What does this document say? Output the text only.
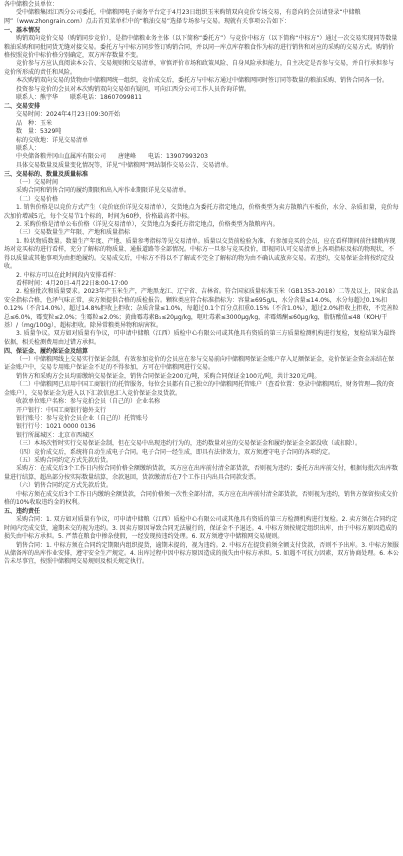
各中储粮会员单位：

受中储粮集团江西分公司委托，中储粮网电子商务平台定于4月23日组织玉米购销双向竞价专场交易，有意向的会员请登录“中储粮网”（www.zhongrain.com）点击首页菜单栏中的“粮油交易”选择专场参与交易。现就有关事项公告如下：

一、基本情况

购销双向竞价交易（购销同步竞价），是指中储粮业务主体（以下简称“委托方”）与竞价中标方（以下简称“中标方”）通过一次交易实现同等数量粮油采购和同批同货无缝对接交易。委托方与中标方同步签订购销合同，并以同一库点库存粮食作为标的进行销售和对应的采购的交易方式。购销价格按照竞价中标价格分别确定，双方库存数量不变。

竞价参与方应认真阅读本公告、交易规则和交易清单，审慎评价市场和政策风险、自身风险承担能力，自主决定是否参与交易，并自行承担参与竞价所形成的责任和风险。

本次购销双向交易的货物由中储粮网统一组织，竞价成交后，委托方与中标方通过中储粮网同时签订同等数量的粮油采购、销售合同各一份。

投资参与竞价的会员对本次购销双向交易如有疑问，可向江西分公司工作人员咨询详情。

联系人：熊宇华　　联系电话：18607099811

二、交易安排

交易时间：2024年4月23日09:30开始

品　种：玉米

数　量：5329吨

标的交收地：详见交易清单

联系人：

中央储备粮井冈山直属库有限公司　　唐建峰　　电话：13907993203

具体交易数量及质量变化情况等，详见“中储粮网”网站制作交易公告、交易清单。

三、交易标的、数量及质量标准

（一）交易时间

采购合同和销售合同的履约期限和出入库作业期限详见交易清单。

（二）交易价格

1. 销售价格是以竞价方式产生（竞价底价详见交易清单），交货地点为委托方指定地点，价格类型为卖方散粮汽车板价，水分、杂质扣量，竞价每次加价增减5元，每个交易节1个标的，时间为60秒，价格最高者中标。

2. 采购价格是清单公布价格（详见交易清单），交货地点为委托方指定地点，价格类型为散粮库内。

（三）交易数量生产年限、产地和质量指标

1. 粒状物质数量。数量生产年度、产地、质量参考指标等见交易清单。质量以交货前检验为准，有参加竞买的会员，应在看样期间前往储粮库现场对竞买标的进行看样，充分了解标的物质量、通报道路等全部情况。中标方一旦参与竞买投价，即视同认可交易清单上各项指标及标的物现状，不得以质量或其他事项为由拒绝履约。交易成交后，中标方不得以不了解或不完全了解标的物为由不确认或放弃交易。若违约，交易保证金将按约定没收。

2. 中标方可以在此时间段内安排看样：

看样时间：4月20日-4月22日8:00-17:00

2. 检验批次和质量要求。2023年产玉米生产，产地黑龙江、辽宁省、吉林省。符合国家质量标准玉米（GB1353-2018）二等及以上，国家食品安全指标合格，色泽气味正常，卖方须提供合格的质检报告。颗粒类应符合标准指标为：容量≥695g/L，水分含量≤14.0%，水分每超过0.1%扣0.12%（不含14.0%），超过14.8%拒收上拒收；杂质含量≤1.0%，每超过0.1个百分点扣重0.15%（不含1.0%），超过2.0%拒收上拒收，不完善粒总≤6.0%，霉变粒≤2.0%；生霉粒≤2.0%；黄曲霉毒素B₁≤20μg/kg，呕吐毒素≤3000μg/kg，赤霉烯酮≤60μg/kg，脂肪酸值≤48（KOH/干基）/（mg/100g），超标拒收。除异常粮类异物和病害粒。

3. 质量争议。双方如对质量有争议，可申请中储粮（江西）质检中心有限公司或其他具有资质的第三方质量检测机构进行复检，复检结果为最终依据，相关检测费用由过错方承担。

四、保证金、履约保证金及结算

（一）中储粮网线上交易实行保证金制，有效参加竞价的会员应在参与交易前向中储粮网保证金账户存入足额保证金，竞价保证金资金冻结在保证金账户中，交易专用账户保证金不足的不得参加，方可在中储粮网进行交易。

销售方和采购方会员均需缴纳交易保证金，销售合同保证金200元/吨，采购合同保证金100元/吨，共计320元/吨。

（二）中储粮网已启用中国工商银行的托管服务，每位会员都有自己独立的中储粮网托管账户（查看位置：登录中储粮网后，财务管理—我的资金账户），交易保证金为进入以下汇款信息汇入竞价保证金及货款。

收款单位账户名称：参与竞拍会员（自己的）企业名称

开户银行：中国工商银行德外支行

银行账号：参与竞价会员企业（自己的）托管账号

银行行号：1021 0000 0136

银行所属城区：北京市西城区

（三）本场次暂时实行交易保证金制，但在交易中出现违约行为的，违约数量对应的交易保证金和履约保证金全部没收（或扣除）。

（四）竞价成交后，系统将自动生成电子合同。电子合同一经生成，即具有法律效力，双方须遵守电子合同的各项约定。

（五）采购合同约定方式先款后货。

采购方：在成交后3个工作日内按合同价格全额缴纳货款，买方应在出库前付清全部货款，否则视为违约；委托方出库前交付，根据每批次出库数量进行结算，超出部分按实际数量结算，余款退回，货款缴清后在7个工作日内出具合同款发票。

（六）销售合同约定方式先款后货。

中标方须在成交后3个工作日内缴纳全额货款，合同价格须一次性全部付清，买方应在出库前付清全部货款，否则视为违约，销售方保留按成交价格的10%收取违约金的权利。

五、违约责任

采购合同：1. 双方如对质量有争议，可申请中储粮（江西）质检中心有限公司或其他具有资质的第三方检测机构进行复检。2. 卖方须在合同约定时间内完成交货，逾期未交的视为违约。3. 因卖方原因导致合同无法履行的，保证金不予退还。4. 中标方须按规定组织出库，由于中标方原因造成的损失由中标方承担。5. 严禁在粮食中掺杂使假，一经发现按违约处理。6. 双方须遵守中储粮网交易规则。

销售合同：1. 中标方须在合同约定期限内组织提货，逾期未提的，视为违约。2. 中标方在提货前须全额支付货款，否则不予出库。3. 中标方须服从储备库的出库作业安排，遵守安全生产规定。4. 出库过程中因中标方原因造成的损失由中标方承担。5. 如遇不可抗力因素，双方协商处理。6. 本公告未尽事宜，按照中储粮网交易规则及相关规定执行。
